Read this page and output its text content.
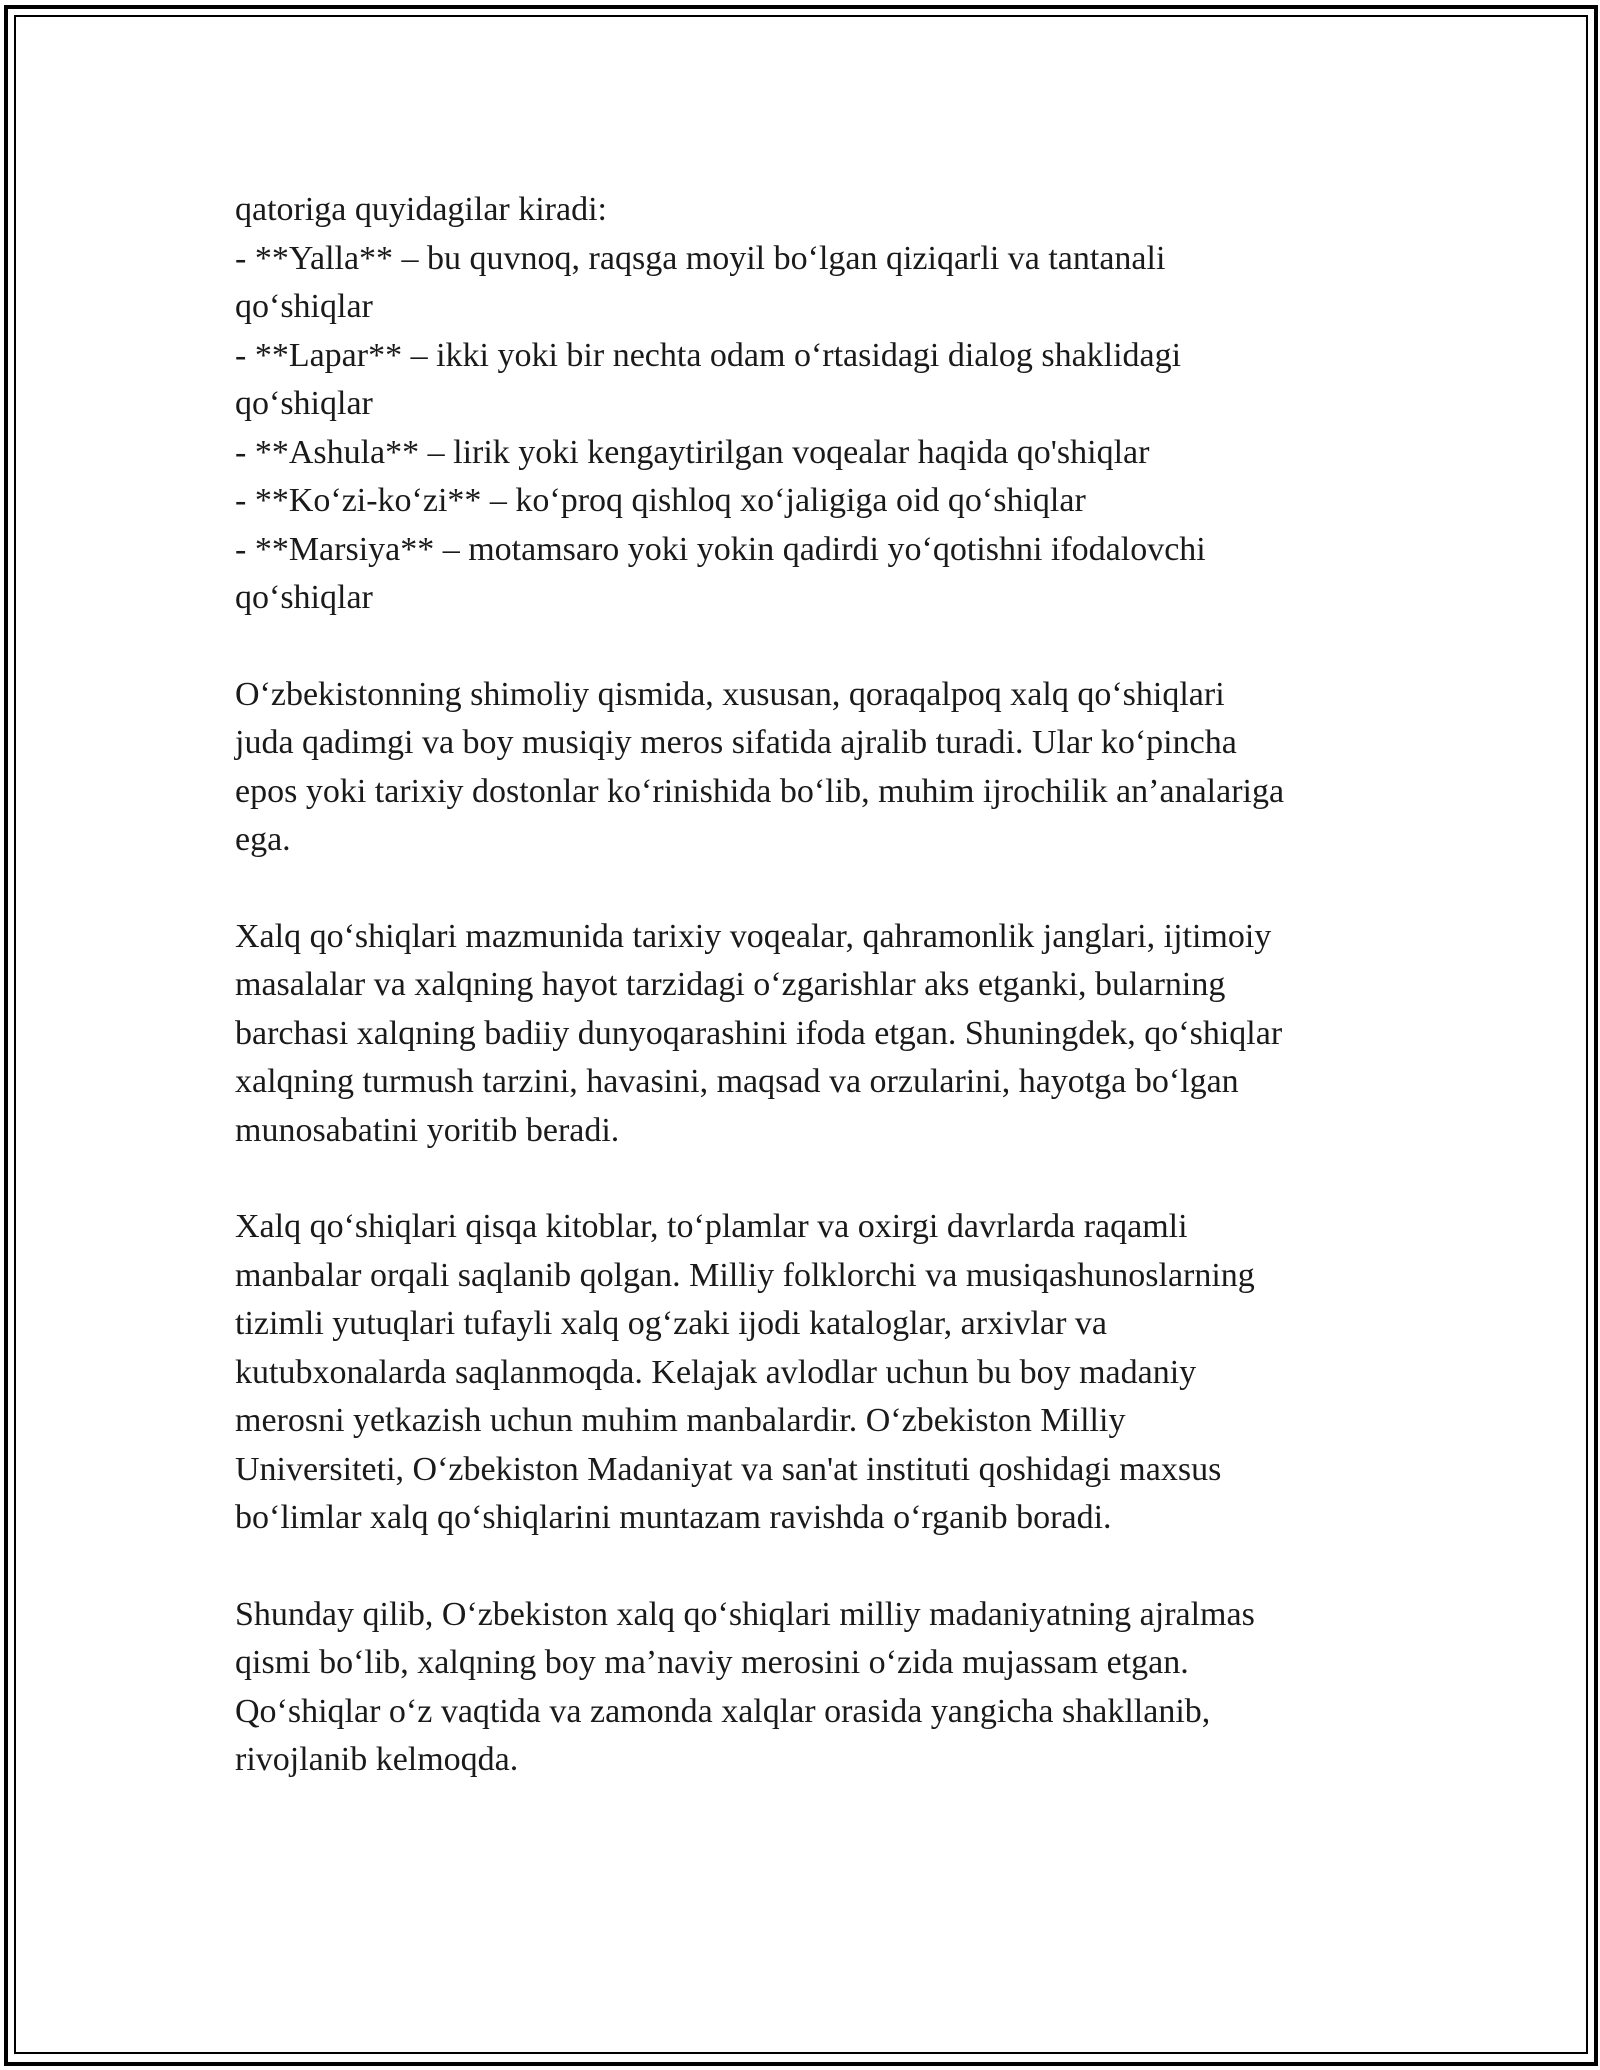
qatoriga quyidagilar kiradi:
- **Yalla** – bu quvnoq, raqsga moyil bo‘lgan qiziqarli va tantanali
qo‘shiqlar
- **Lapar** – ikki yoki bir nechta odam o‘rtasidagi dialog shaklidagi
qo‘shiqlar
- **Ashula** – lirik yoki kengaytirilgan voqealar haqida qo'shiqlar
- **Ko‘zi-ko‘zi** – ko‘proq qishloq xo‘jaligiga oid qo‘shiqlar
- **Marsiya** – motamsaro yoki yokin qadirdi yo‘qotishni ifodalovchi
qo‘shiqlar
O‘zbekistonning shimoliy qismida, xususan, qoraqalpoq xalq qo‘shiqlari
juda qadimgi va boy musiqiy meros sifatida ajralib turadi. Ular ko‘pincha
epos yoki tarixiy dostonlar ko‘rinishida bo‘lib, muhim ijrochilik an’analariga
ega.
Xalq qo‘shiqlari mazmunida tarixiy voqealar, qahramonlik janglari, ijtimoiy
masalalar va xalqning hayot tarzidagi o‘zgarishlar aks etganki, bularning
barchasi xalqning badiiy dunyoqarashini ifoda etgan. Shuningdek, qo‘shiqlar
xalqning turmush tarzini, havasini, maqsad va orzularini, hayotga bo‘lgan
munosabatini yoritib beradi.
Xalq qo‘shiqlari qisqa kitoblar, to‘plamlar va oxirgi davrlarda raqamli
manbalar orqali saqlanib qolgan. Milliy folklorchi va musiqashunoslarning
tizimli yutuqlari tufayli xalq og‘zaki ijodi kataloglar, arxivlar va
kutubxonalarda saqlanmoqda. Kelajak avlodlar uchun bu boy madaniy
merosni yetkazish uchun muhim manbalardir. O‘zbekiston Milliy
Universiteti, O‘zbekiston Madaniyat va san'at instituti qoshidagi maxsus
bo‘limlar xalq qo‘shiqlarini muntazam ravishda o‘rganib boradi.
Shunday qilib, O‘zbekiston xalq qo‘shiqlari milliy madaniyatning ajralmas
qismi bo‘lib, xalqning boy ma’naviy merosini o‘zida mujassam etgan.
Qo‘shiqlar o‘z vaqtida va zamonda xalqlar orasida yangicha shakllanib,
rivojlanib kelmoqda.
